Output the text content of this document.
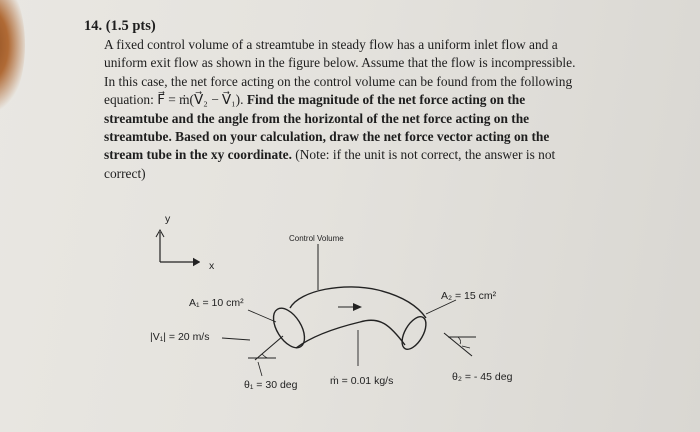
14. (1.5 pts)
A fixed control volume of a streamtube in steady flow has a uniform inlet flow and a
uniform exit flow as shown in the figure below. Assume that the flow is incompressible.
In this case, the net force acting on the control volume can be found from the following
equation: F⃗ = ṁ(V⃗₂ − V⃗₁). Find the magnitude of the net force acting on the
streamtube and the angle from the horizontal of the net force acting on the
streamtube. Based on your calculation, draw the net force vector acting on the
stream tube in the xy coordinate. (Note: if the unit is not correct, the answer is not
correct)
y
x
Control Volume
A₁ = 10 cm²
A₂ = 15 cm²
|V₁| = 20 m/s
θ₁ = 30 deg	ṁ = 0.01 kg/s	θ₂ = - 45 deg
